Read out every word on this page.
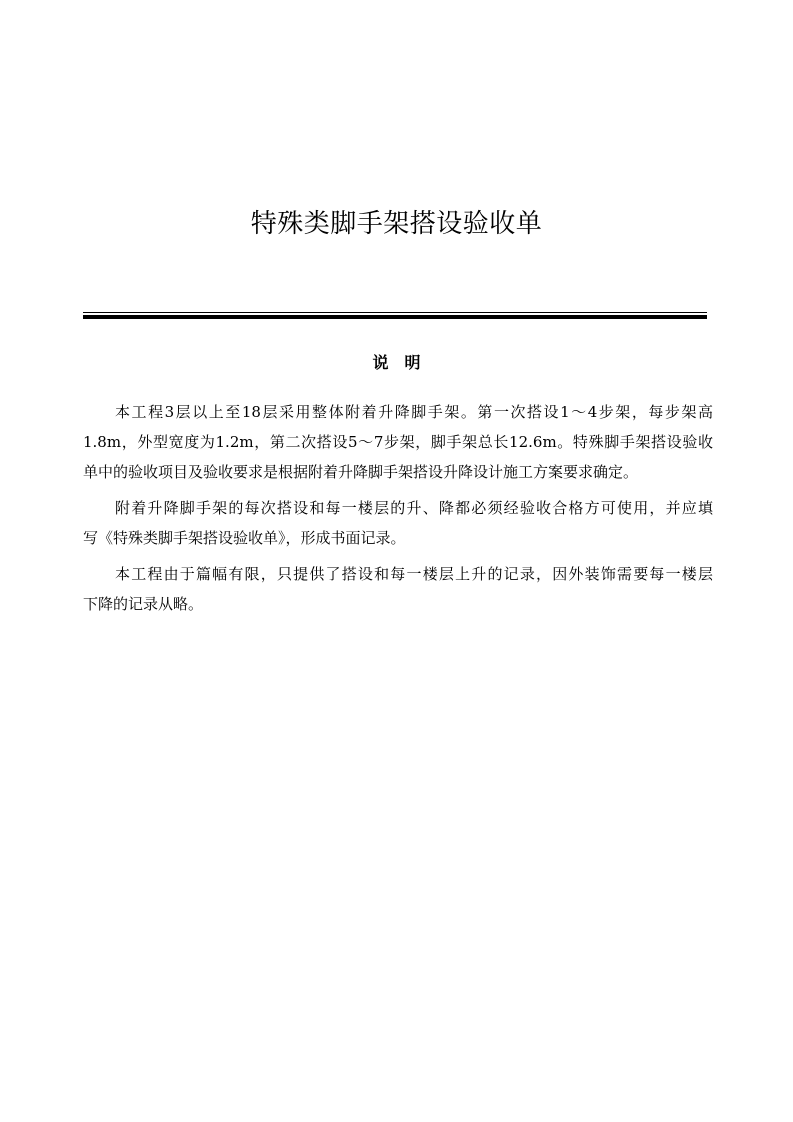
特殊类脚手架搭设验收单
说　明

本工程3层以上至18层采用整体附着升降脚手架。第一次搭设1～4步架，每步架高
1.8m，外型宽度为1.2m，第二次搭设5～7步架，脚手架总长12.6m。特殊脚手架搭设验收
单中的验收项目及验收要求是根据附着升降脚手架搭设升降设计施工方案要求确定。

附着升降脚手架的每次搭设和每一楼层的升、降都必须经验收合格方可使用，并应填
写《特殊类脚手架搭设验收单》，形成书面记录。

本工程由于篇幅有限，只提供了搭设和每一楼层上升的记录，因外装饰需要每一楼层
下降的记录从略。
